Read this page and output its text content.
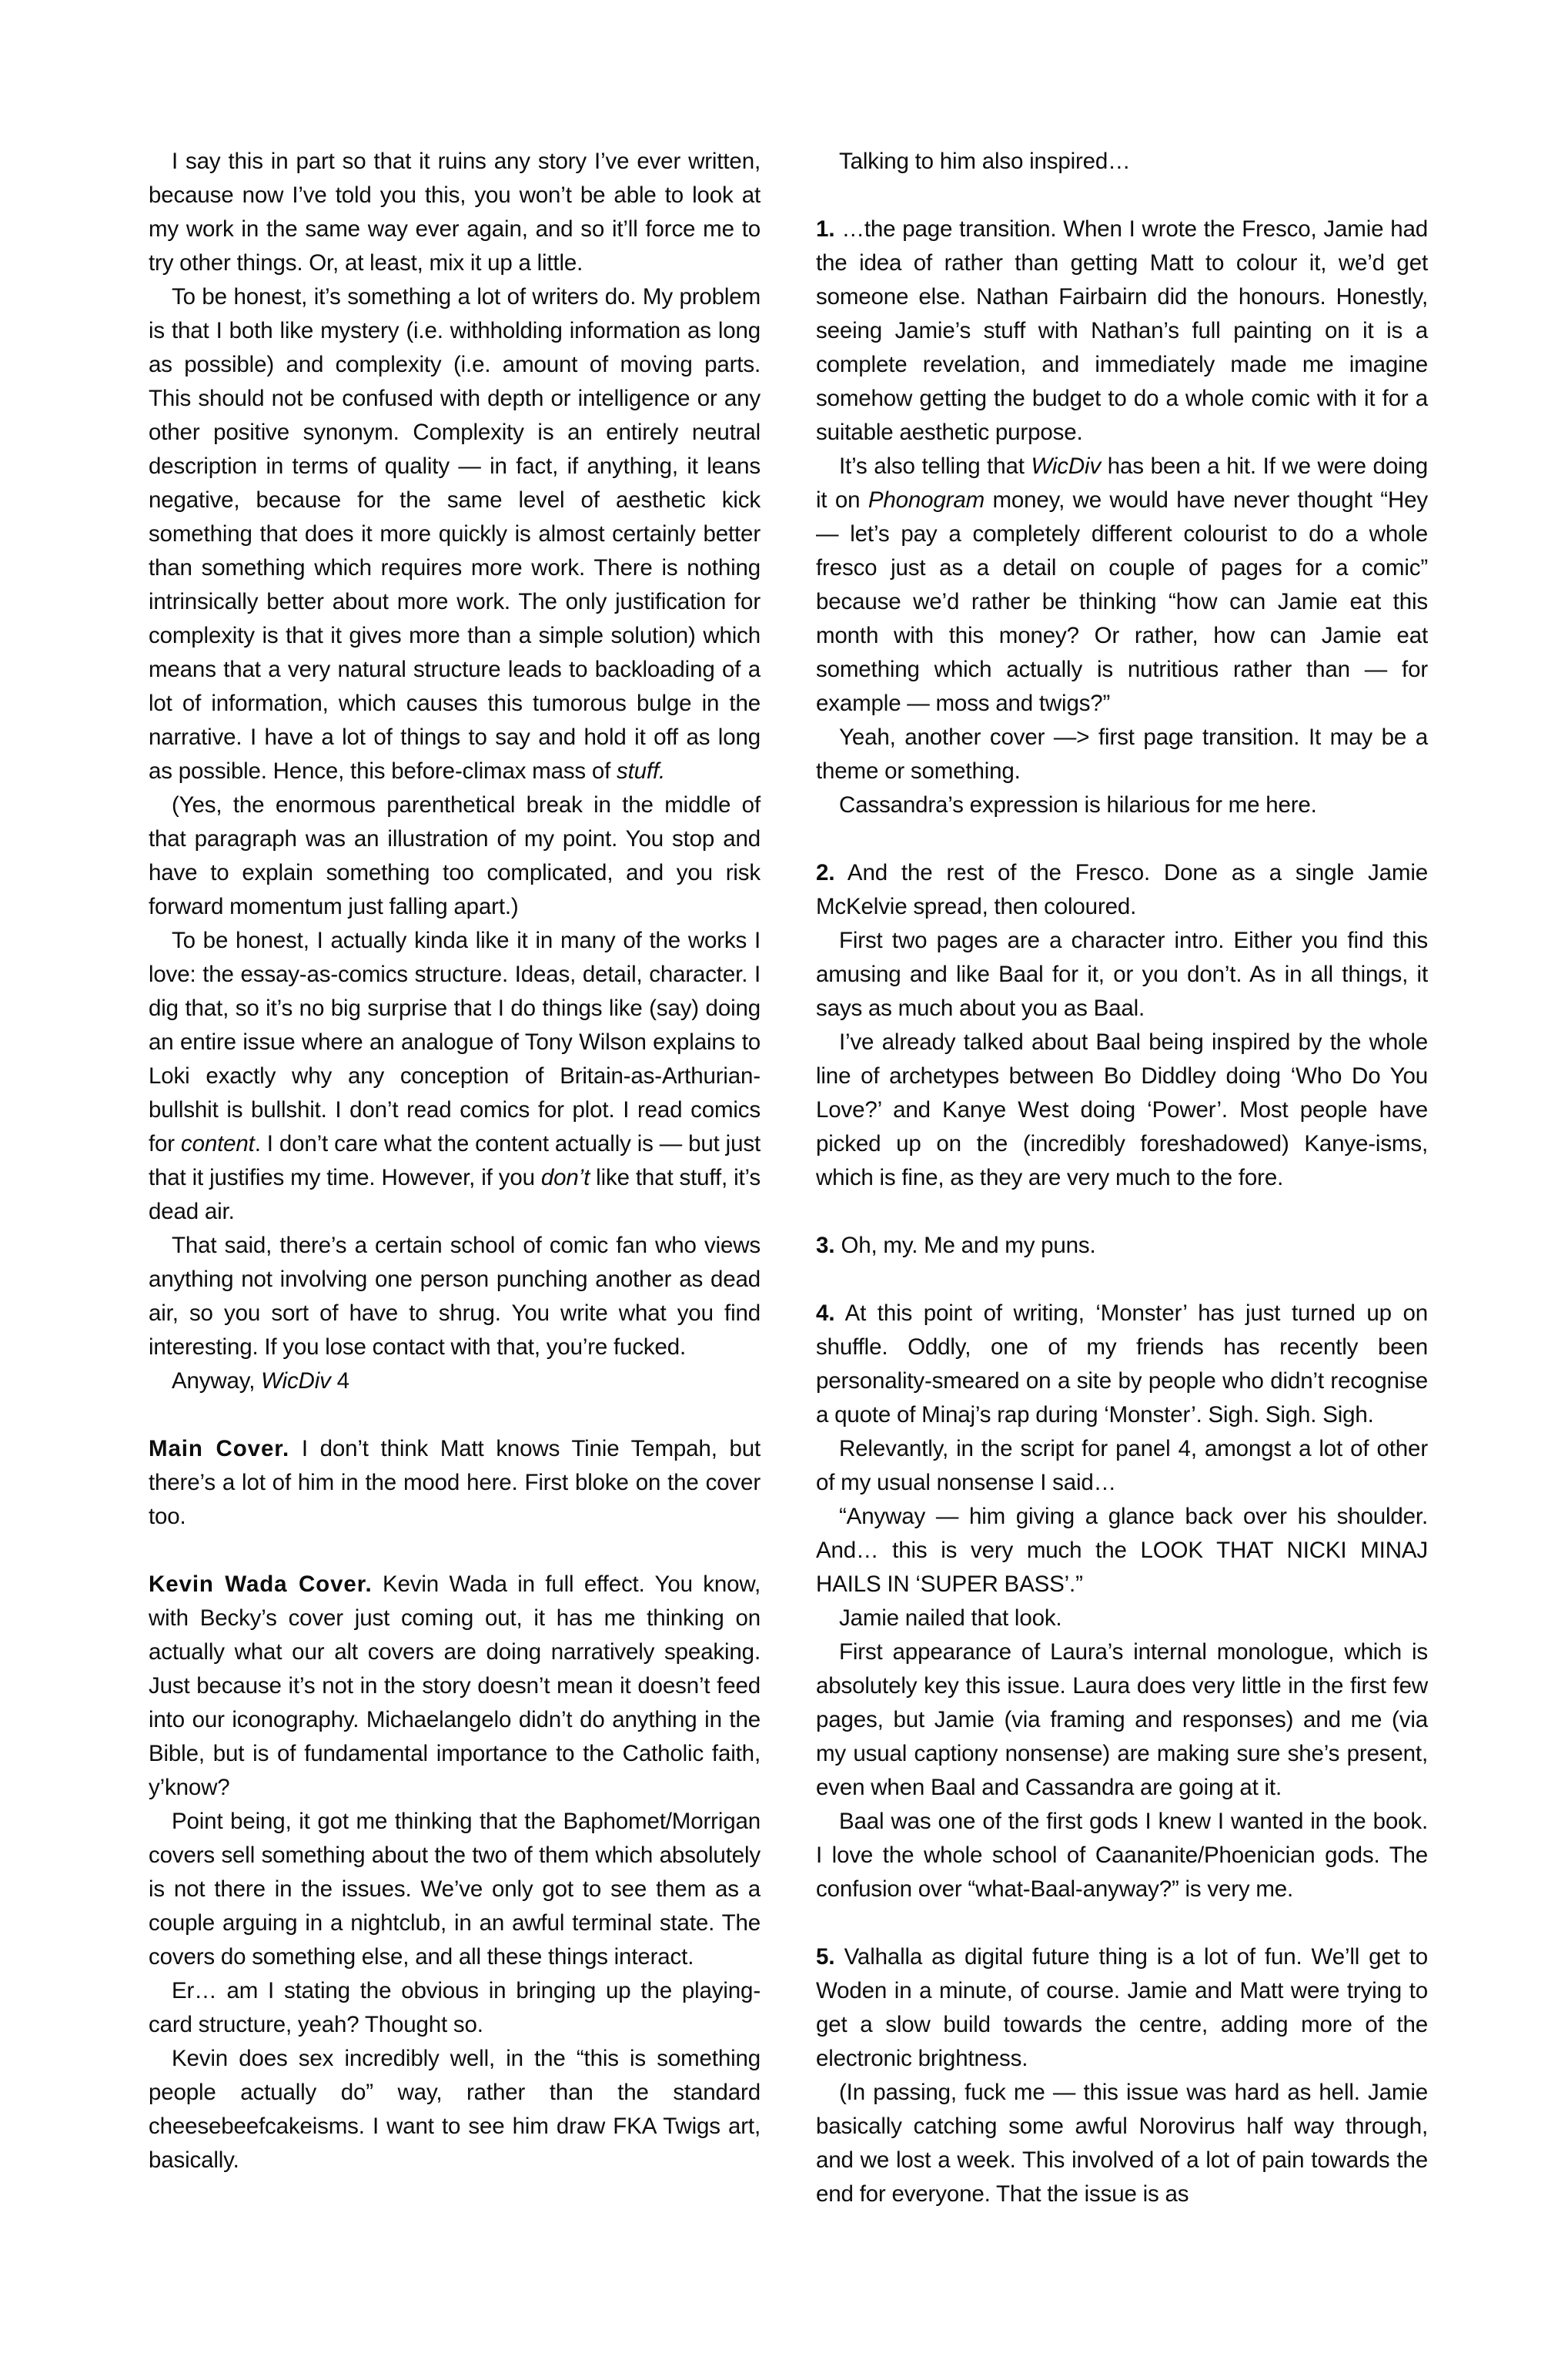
I say this in part so that it ruins any story I’ve ever written, because now I’ve told you this, you won’t be able to look at my work in the same way ever again, and so it’ll force me to try other things. Or, at least, mix it up a little.

To be honest, it’s something a lot of writers do. My problem is that I both like mystery (i.e. withholding information as long as possible) and complexity (i.e. amount of moving parts. This should not be confused with depth or intelligence or any other positive synonym. Complexity is an entirely neutral description in terms of quality — in fact, if anything, it leans negative, because for the same level of aesthetic kick something that does it more quickly is almost certainly better than something which requires more work. There is nothing intrinsically better about more work. The only justification for complexity is that it gives more than a simple solution) which means that a very natural structure leads to backloading of a lot of information, which causes this tumorous bulge in the narrative. I have a lot of things to say and hold it off as long as possible. Hence, this before-climax mass of stuff.

(Yes, the enormous parenthetical break in the middle of that paragraph was an illustration of my point. You stop and have to explain something too complicated, and you risk forward momentum just falling apart.)

To be honest, I actually kinda like it in many of the works I love: the essay-as-comics structure. Ideas, detail, character. I dig that, so it’s no big surprise that I do things like (say) doing an entire issue where an analogue of Tony Wilson explains to Loki exactly why any conception of Britain-as-Arthurian-bullshit is bullshit. I don’t read comics for plot. I read comics for content. I don’t care what the content actually is — but just that it justifies my time. However, if you don’t like that stuff, it’s dead air.

That said, there’s a certain school of comic fan who views anything not involving one person punching another as dead air, so you sort of have to shrug. You write what you find interesting. If you lose contact with that, you’re fucked.

Anyway, WicDiv 4

Main Cover. I don’t think Matt knows Tinie Tempah, but there’s a lot of him in the mood here. First bloke on the cover too.

Kevin Wada Cover. Kevin Wada in full effect. You know, with Becky’s cover just coming out, it has me thinking on actually what our alt covers are doing narratively speaking. Just because it’s not in the story doesn’t mean it doesn’t feed into our iconography. Michaelangelo didn’t do anything in the Bible, but is of fundamental importance to the Catholic faith, y’know?

Point being, it got me thinking that the Baphomet/Morrigan covers sell something about the two of them which absolutely is not there in the issues. We’ve only got to see them as a couple arguing in a nightclub, in an awful terminal state. The covers do something else, and all these things interact.

Er… am I stating the obvious in bringing up the playing-card structure, yeah? Thought so.

Kevin does sex incredibly well, in the “this is something people actually do” way, rather than the standard cheesebeefcakeisms. I want to see him draw FKA Twigs art, basically.

Talking to him also inspired…

1. …the page transition. When I wrote the Fresco, Jamie had the idea of rather than getting Matt to colour it, we’d get someone else. Nathan Fairbairn did the honours. Honestly, seeing Jamie’s stuff with Nathan’s full painting on it is a complete revelation, and immediately made me imagine somehow getting the budget to do a whole comic with it for a suitable aesthetic purpose.

It’s also telling that WicDiv has been a hit. If we were doing it on Phonogram money, we would have never thought “Hey — let’s pay a completely different colourist to do a whole fresco just as a detail on couple of pages for a comic” because we’d rather be thinking “how can Jamie eat this month with this money? Or rather, how can Jamie eat something which actually is nutritious rather than — for example — moss and twigs?”

Yeah, another cover —> first page transition. It may be a theme or something.

Cassandra’s expression is hilarious for me here.

2. And the rest of the Fresco. Done as a single Jamie McKelvie spread, then coloured.

First two pages are a character intro. Either you find this amusing and like Baal for it, or you don’t. As in all things, it says as much about you as Baal.

I’ve already talked about Baal being inspired by the whole line of archetypes between Bo Diddley doing ‘Who Do You Love?’ and Kanye West doing ‘Power’. Most people have picked up on the (incredibly foreshadowed) Kanye-isms, which is fine, as they are very much to the fore.

3. Oh, my. Me and my puns.

4. At this point of writing, ‘Monster’ has just turned up on shuffle. Oddly, one of my friends has recently been personality-smeared on a site by people who didn’t recognise a quote of Minaj’s rap during ‘Monster’. Sigh. Sigh. Sigh.

Relevantly, in the script for panel 4, amongst a lot of other of my usual nonsense I said…

“Anyway — him giving a glance back over his shoulder. And… this is very much the LOOK THAT NICKI MINAJ HAILS IN ‘SUPER BASS’.”

Jamie nailed that look.

First appearance of Laura’s internal monologue, which is absolutely key this issue. Laura does very little in the first few pages, but Jamie (via framing and responses) and me (via my usual captiony nonsense) are making sure she’s present, even when Baal and Cassandra are going at it.

Baal was one of the first gods I knew I wanted in the book. I love the whole school of Caananite/Phoenician gods. The confusion over “what-Baal-anyway?” is very me.

5. Valhalla as digital future thing is a lot of fun. We’ll get to Woden in a minute, of course. Jamie and Matt were trying to get a slow build towards the centre, adding more of the electronic brightness.

(In passing, fuck me — this issue was hard as hell. Jamie basically catching some awful Norovirus half way through, and we lost a week. This involved of a lot of pain towards the end for everyone. That the issue is as
